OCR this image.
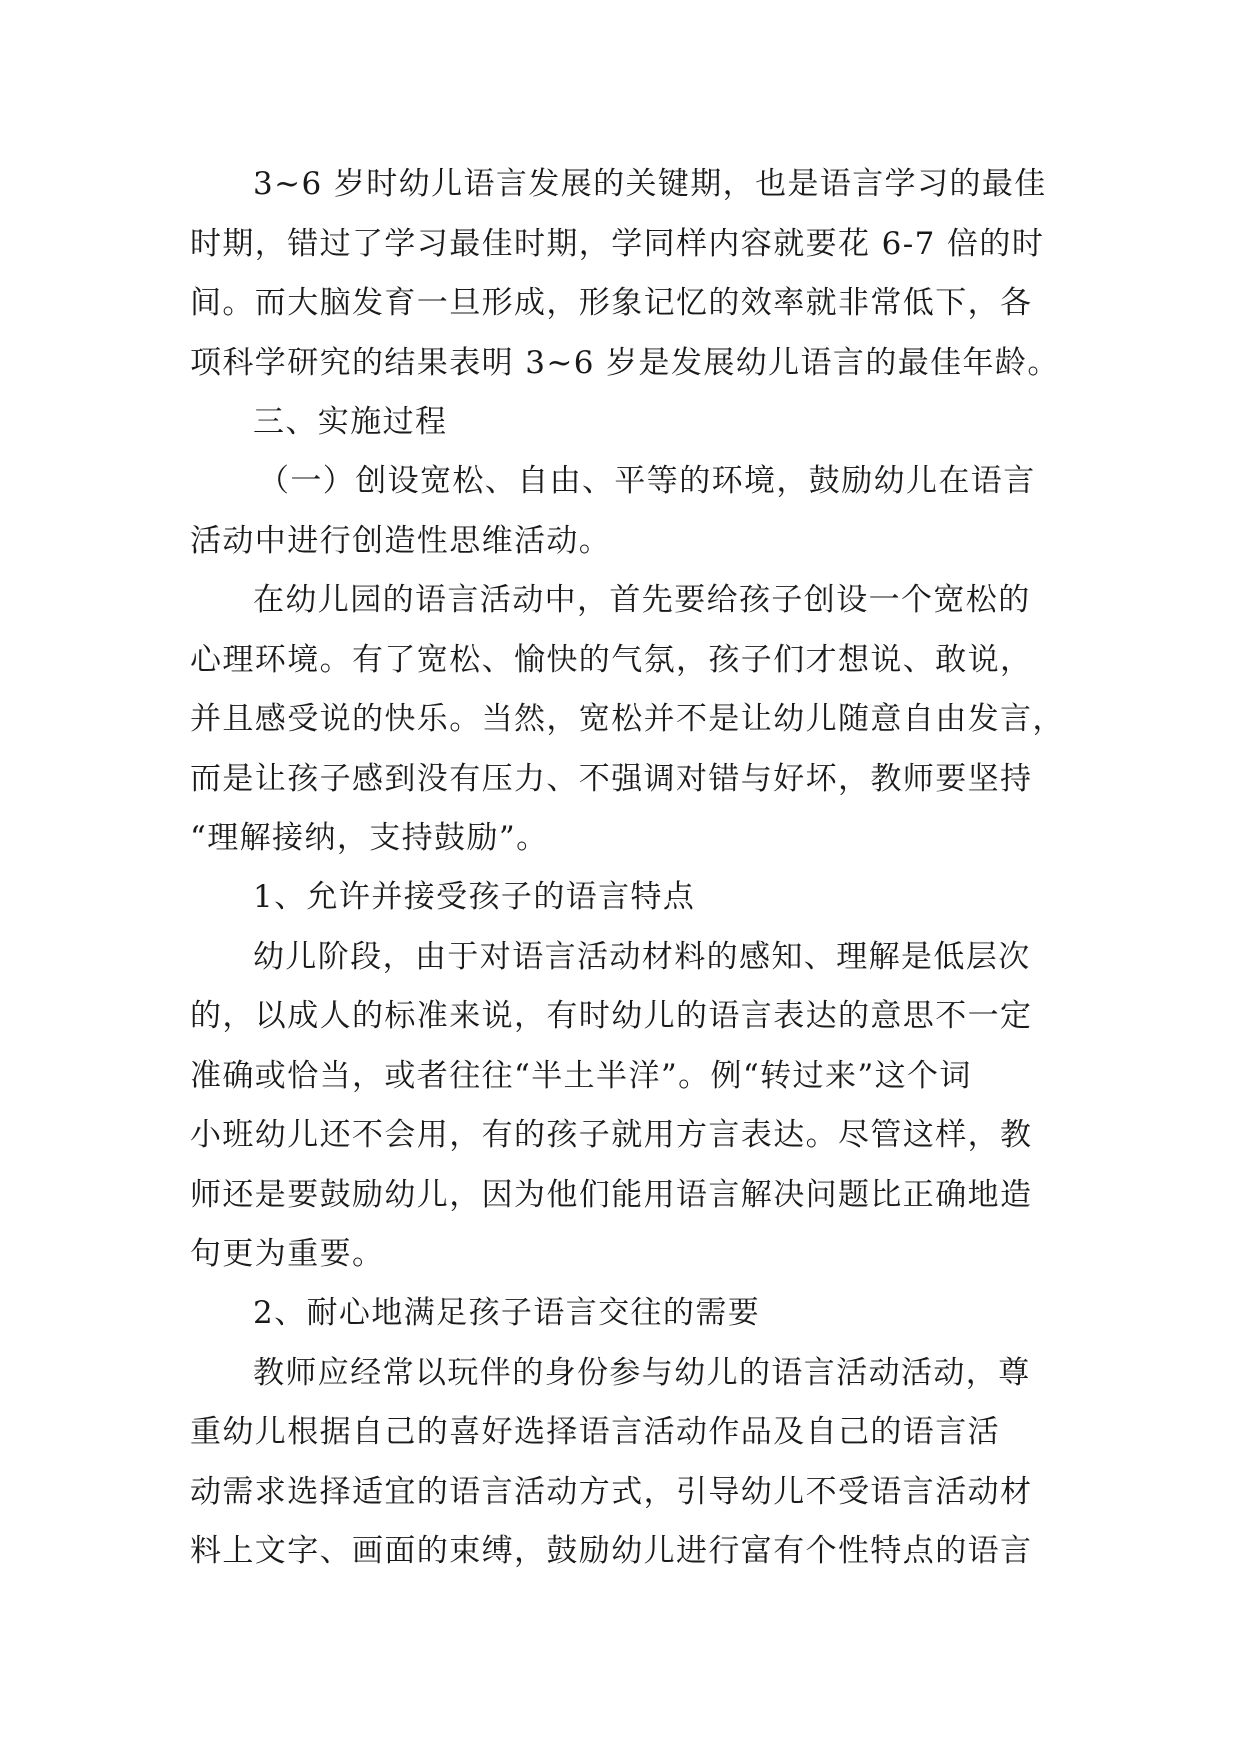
3~6 岁时幼儿语言发展的关键期，也是语言学习的最佳
时期，错过了学习最佳时期，学同样内容就要花 6-7 倍的时
间。而大脑发育一旦形成，形象记忆的效率就非常低下，各
项科学研究的结果表明 3~6 岁是发展幼儿语言的最佳年龄。
三、实施过程
（一）创设宽松、自由、平等的环境，鼓励幼儿在语言
活动中进行创造性思维活动。
在幼儿园的语言活动中，首先要给孩子创设一个宽松的
心理环境。有了宽松、愉快的气氛，孩子们才想说、敢说，
并且感受说的快乐。当然，宽松并不是让幼儿随意自由发言，
而是让孩子感到没有压力、不强调对错与好坏，教师要坚持
“理解接纳，支持鼓励”。
1、允许并接受孩子的语言特点
幼儿阶段，由于对语言活动材料的感知、理解是低层次
的，以成人的标准来说，有时幼儿的语言表达的意思不一定
准确或恰当，或者往往“半土半洋”。例“转过来”这个词
小班幼儿还不会用，有的孩子就用方言表达。尽管这样，教
师还是要鼓励幼儿，因为他们能用语言解决问题比正确地造
句更为重要。
2、耐心地满足孩子语言交往的需要
教师应经常以玩伴的身份参与幼儿的语言活动活动，尊
重幼儿根据自己的喜好选择语言活动作品及自己的语言活
动需求选择适宜的语言活动方式，引导幼儿不受语言活动材
料上文字、画面的束缚，鼓励幼儿进行富有个性特点的语言
